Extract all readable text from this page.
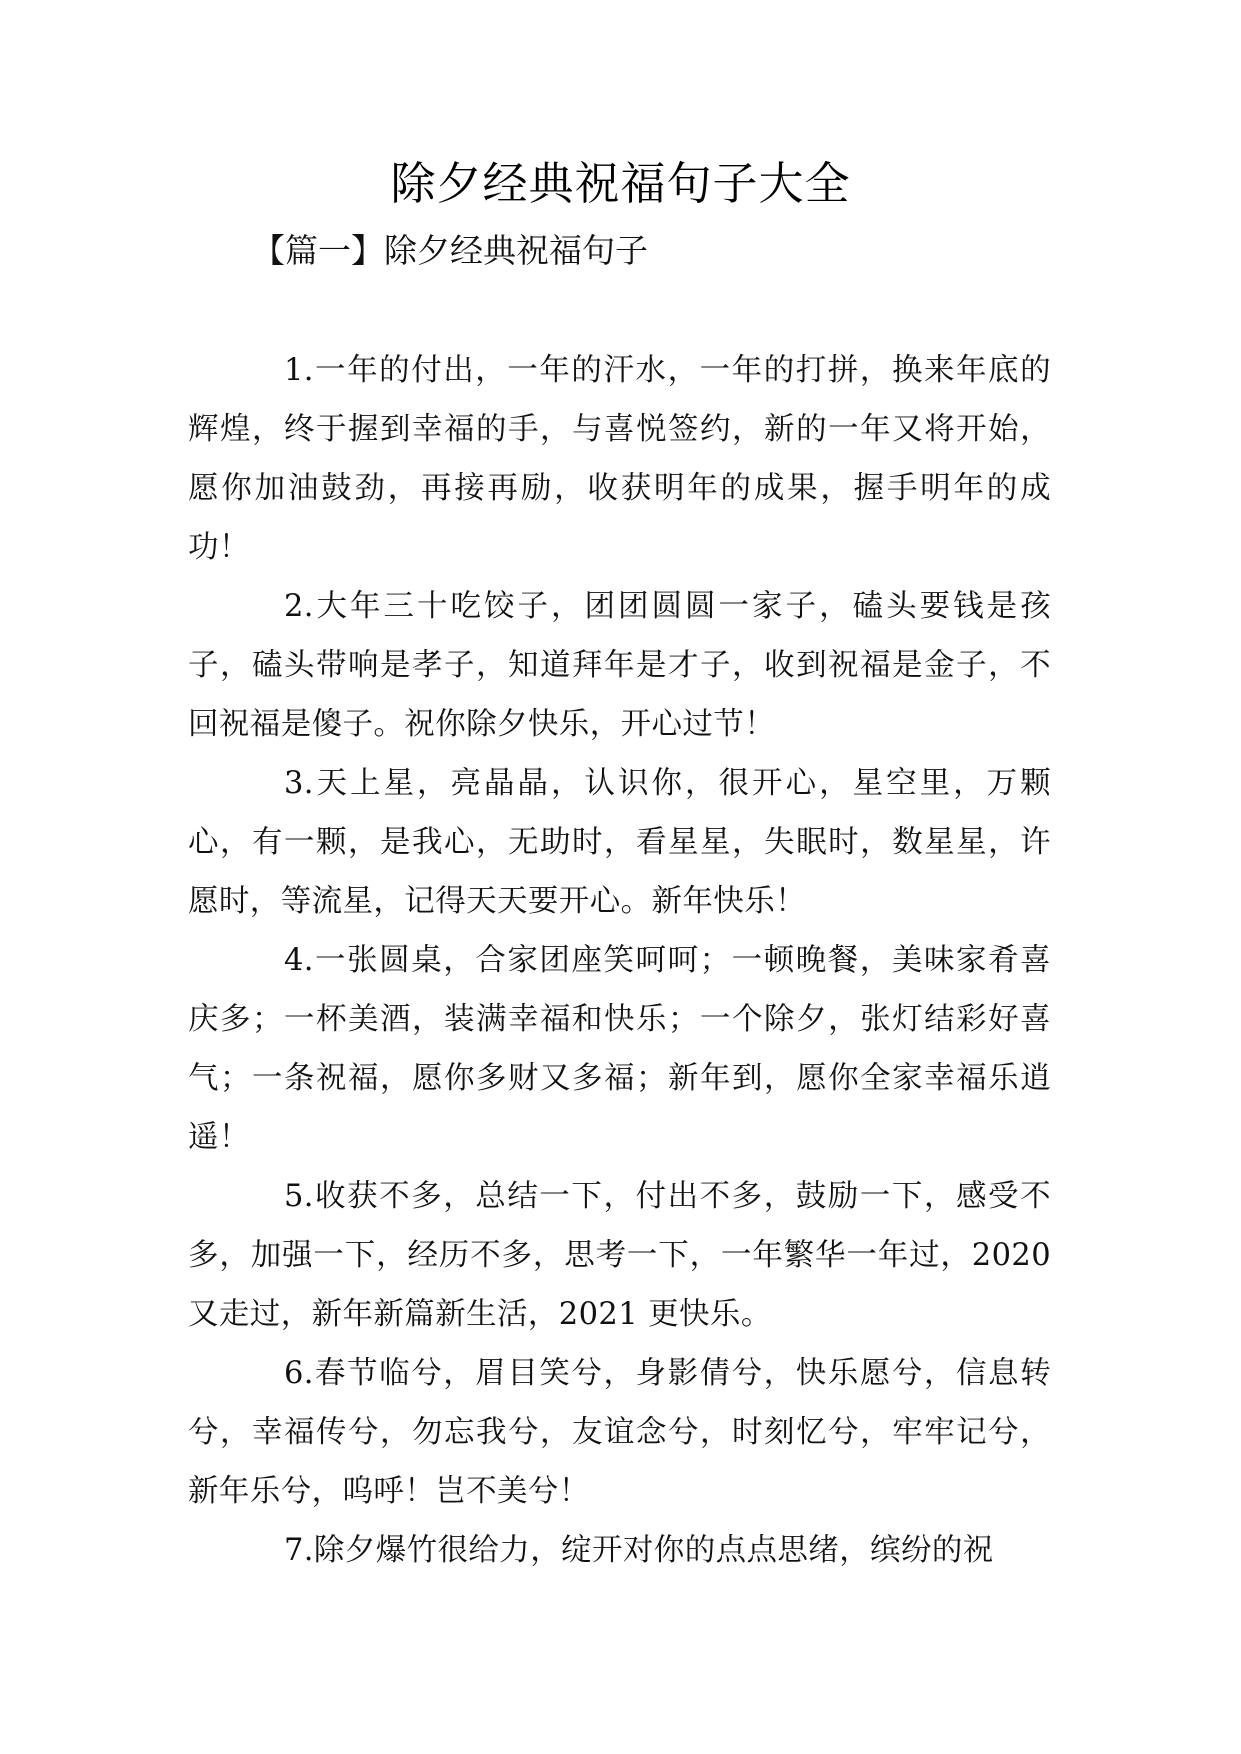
除夕经典祝福句子大全
【篇一】除夕经典祝福句子

1.一年的付出，一年的汗水，一年的打拼，换来年底的辉煌，终于握到幸福的手，与喜悦签约，新的一年又将开始，愿你加油鼓劲，再接再励，收获明年的成果，握手明年的成功！

2.大年三十吃饺子，团团圆圆一家子，磕头要钱是孩子，磕头带响是孝子，知道拜年是才子，收到祝福是金子，不回祝福是傻子。祝你除夕快乐，开心过节！

3.天上星，亮晶晶，认识你，很开心，星空里，万颗心，有一颗，是我心，无助时，看星星，失眠时，数星星，许愿时，等流星，记得天天要开心。新年快乐！

4.一张圆桌，合家团座笑呵呵；一顿晚餐，美味家肴喜庆多；一杯美酒，装满幸福和快乐；一个除夕，张灯结彩好喜气；一条祝福，愿你多财又多福；新年到，愿你全家幸福乐逍遥！

5.收获不多，总结一下，付出不多，鼓励一下，感受不多，加强一下，经历不多，思考一下，一年繁华一年过，2020 又走过，新年新篇新生活，2021 更快乐。

6.春节临兮，眉目笑兮，身影倩兮，快乐愿兮，信息转兮，幸福传兮，勿忘我兮，友谊念兮，时刻忆兮，牢牢记兮，新年乐兮，呜呼！岂不美兮！

7.除夕爆竹很给力，绽开对你的点点思绪，缤纷的祝
